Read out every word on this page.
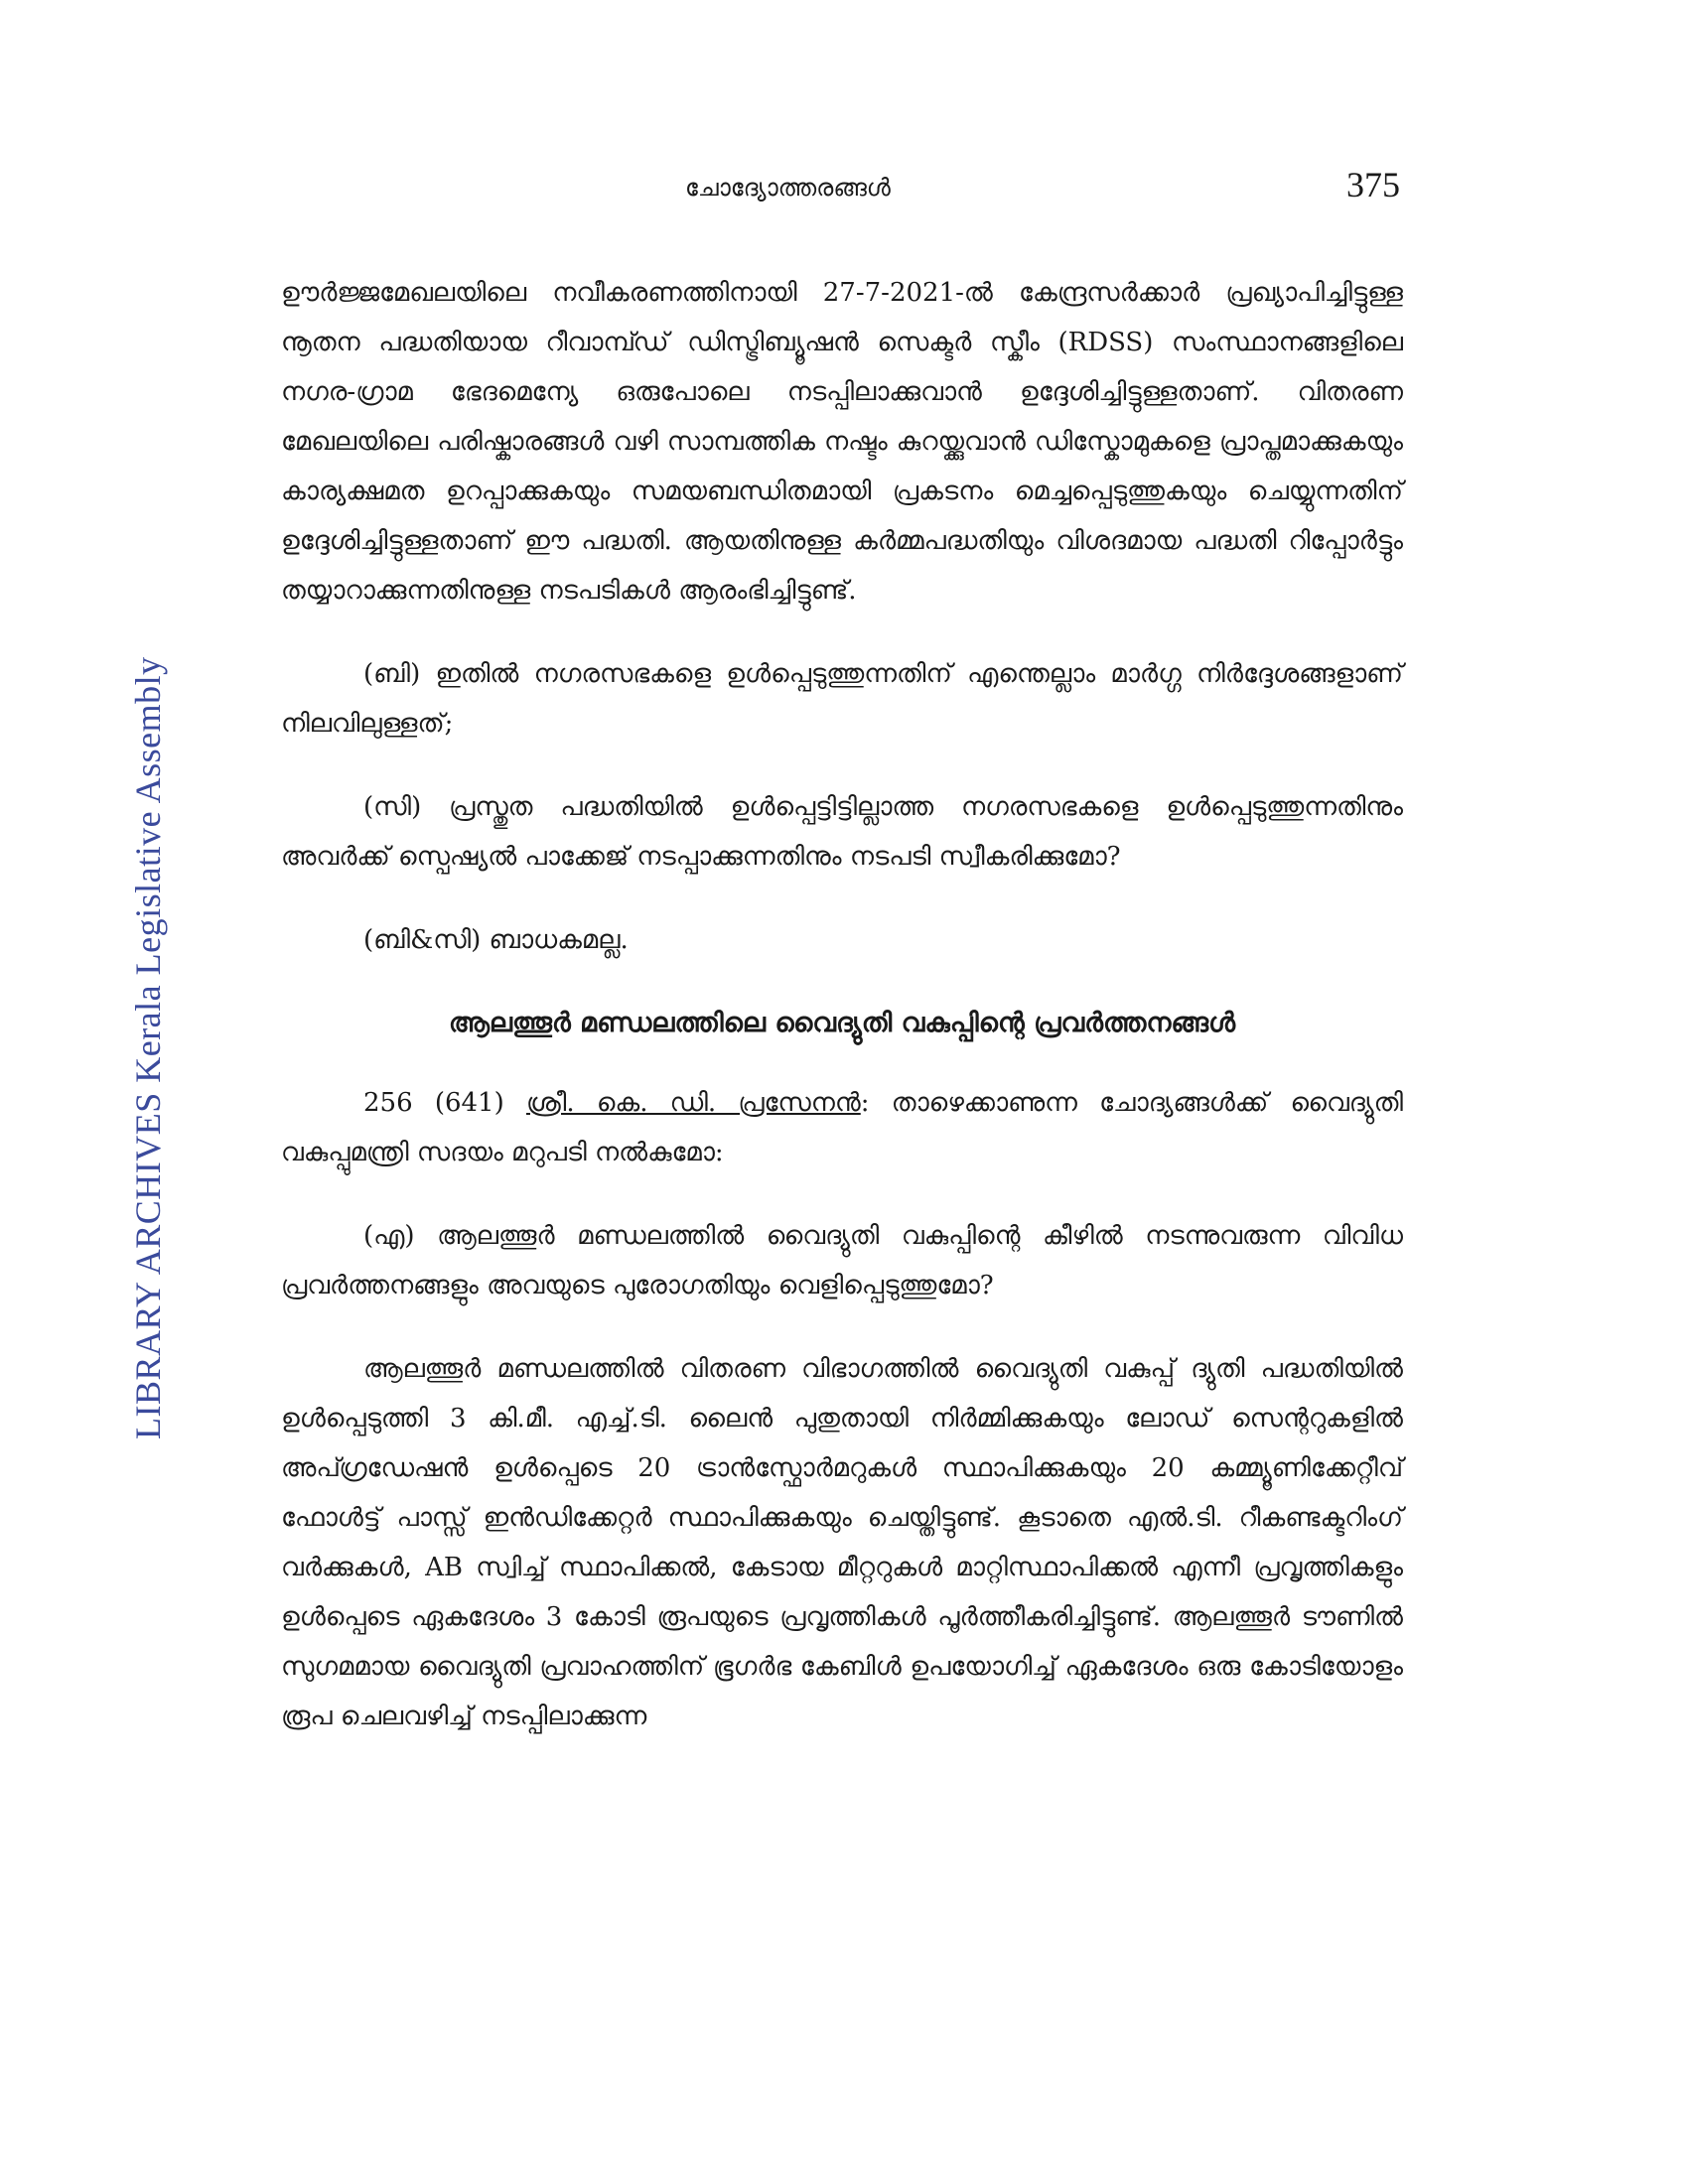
LIBRARY ARCHIVES Kerala Legislative Assembly
ചോദ്യോത്തരങ്ങൾ	375

ഊർജ്ജമേഖലയിലെ നവീകരണത്തിനായി 27-7-2021-ൽ കേന്ദ്രസർക്കാർ പ്രഖ്യാപിച്ചിട്ടുള്ള നൂതന പദ്ധതിയായ റീവാമ്പ്ഡ് ഡിസ്ട്രിബ്യൂഷൻ സെക്ടർ സ്കീം (RDSS) സംസ്ഥാനങ്ങളിലെ നഗര-ഗ്രാമ ഭേദമെന്യേ ഒരുപോലെ നടപ്പിലാക്കുവാൻ ഉദ്ദേശിച്ചിട്ടുള്ളതാണ്. വിതരണ മേഖലയിലെ പരിഷ്കാരങ്ങൾ വഴി സാമ്പത്തിക നഷ്ടം കുറയ്ക്കുവാൻ ഡിസ്കോമുകളെ പ്രാപ്തമാക്കുകയും കാര്യക്ഷമത ഉറപ്പാക്കുകയും സമയബന്ധിതമായി പ്രകടനം മെച്ചപ്പെടുത്തുകയും ചെയ്യുന്നതിന് ഉദ്ദേശിച്ചിട്ടുള്ളതാണ് ഈ പദ്ധതി. ആയതിനുള്ള കർമ്മപദ്ധതിയും വിശദമായ പദ്ധതി റിപ്പോർട്ടും തയ്യാറാക്കുന്നതിനുള്ള നടപടികൾ ആരംഭിച്ചിട്ടുണ്ട്.

(ബി) ഇതിൽ നഗരസഭകളെ ഉൾപ്പെടുത്തുന്നതിന് എന്തെല്ലാം മാർഗ്ഗ നിർദ്ദേശങ്ങളാണ് നിലവിലുള്ളത്;

(സി) പ്രസ്തുത പദ്ധതിയിൽ ഉൾപ്പെട്ടിട്ടില്ലാത്ത നഗരസഭകളെ ഉൾപ്പെടുത്തുന്നതിനും അവർക്ക് സ്പെഷ്യൽ പാക്കേജ് നടപ്പാക്കുന്നതിനും നടപടി സ്വീകരിക്കുമോ?

(ബി&സി) ബാധകമല്ല.

ആലത്തൂർ മണ്ഡലത്തിലെ വൈദ്യുതി വകുപ്പിന്റെ പ്രവർത്തനങ്ങൾ

256 (641) ശ്രീ. കെ. ഡി. പ്രസേനൻ: താഴെക്കാണുന്ന ചോദ്യങ്ങൾക്ക് വൈദ്യുതി വകുപ്പുമന്ത്രി സദയം മറുപടി നൽകുമോ:

(എ) ആലത്തൂർ മണ്ഡലത്തിൽ വൈദ്യുതി വകുപ്പിന്റെ കീഴിൽ നടന്നുവരുന്ന വിവിധ പ്രവർത്തനങ്ങളും അവയുടെ പുരോഗതിയും വെളിപ്പെടുത്തുമോ?

ആലത്തൂർ മണ്ഡലത്തിൽ വിതരണ വിഭാഗത്തിൽ വൈദ്യുതി വകുപ്പ് ദ്യുതി പദ്ധതിയിൽ ഉൾപ്പെടുത്തി 3 കി.മീ. എച്ച്.ടി. ലൈൻ പുതുതായി നിർമ്മിക്കുകയും ലോഡ് സെന്ററുകളിൽ അപ്ഗ്രഡേഷൻ ഉൾപ്പെടെ 20 ട്രാൻസ്ഫോർമറുകൾ സ്ഥാപിക്കുകയും 20 കമ്മ്യൂണിക്കേറ്റീവ് ഫോൾട്ട് പാസ്സ് ഇൻഡിക്കേറ്റർ സ്ഥാപിക്കുകയും ചെയ്തിട്ടുണ്ട്. കൂടാതെ എൽ.ടി. റീകണ്ടക്ടറിംഗ് വർക്കുകൾ, AB സ്വിച്ച് സ്ഥാപിക്കൽ, കേടായ മീറ്ററുകൾ മാറ്റിസ്ഥാപിക്കൽ എന്നീ പ്രവൃത്തികളും ഉൾപ്പെടെ ഏകദേശം 3 കോടി രൂപയുടെ പ്രവൃത്തികൾ പൂർത്തീകരിച്ചിട്ടുണ്ട്. ആലത്തൂർ ടൗണിൽ സുഗമമായ വൈദ്യുതി പ്രവാഹത്തിന് ഭൂഗർഭ കേബിൾ ഉപയോഗിച്ച് ഏകദേശം ഒരു കോടിയോളം രൂപ ചെലവഴിച്ച് നടപ്പിലാക്കുന്ന
